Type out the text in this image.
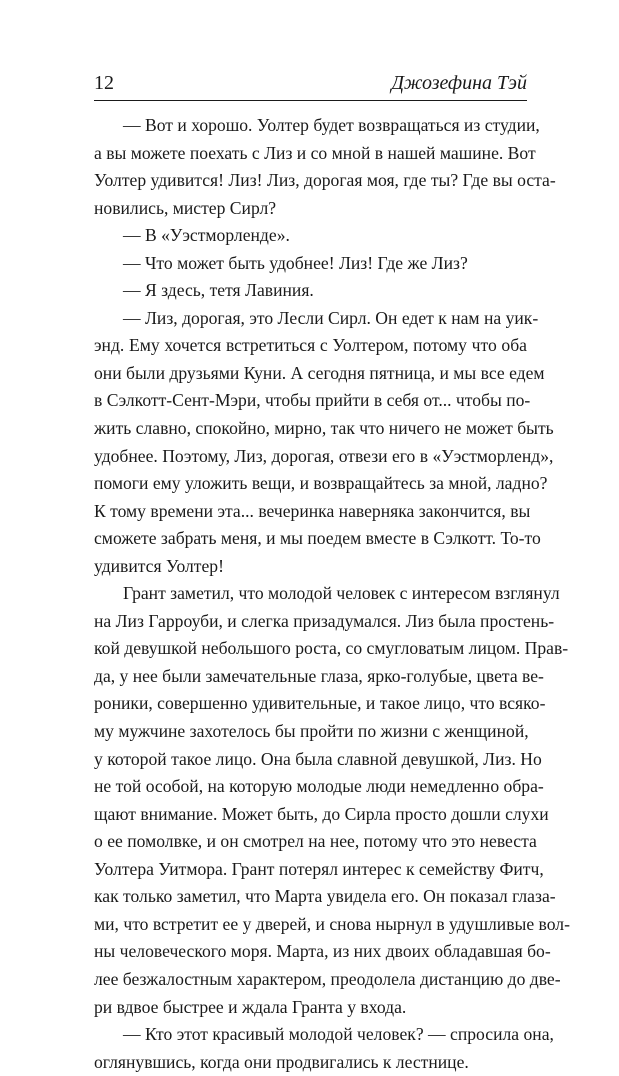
12	Джозефина Тэй
— Вот и хорошо. Уолтер будет возвращаться из студии,
а вы можете поехать с Лиз и со мной в нашей машине. Вот
Уолтер удивится! Лиз! Лиз, дорогая моя, где ты? Где вы оста-
новились, мистер Сирл?
— В «Уэстморленде».
— Что может быть удобнее! Лиз! Где же Лиз?
— Я здесь, тетя Лавиния.
— Лиз, дорогая, это Лесли Сирл. Он едет к нам на уик-
энд. Ему хочется встретиться с Уолтером, потому что оба
они были друзьями Куни. А сегодня пятница, и мы все едем
в Сэлкотт-Сент-Мэри, чтобы прийти в себя от... чтобы по-
жить славно, спокойно, мирно, так что ничего не может быть
удобнее. Поэтому, Лиз, дорогая, отвези его в «Уэстморленд»,
помоги ему уложить вещи, и возвращайтесь за мной, ладно?
К тому времени эта... вечеринка наверняка закончится, вы
сможете забрать меня, и мы поедем вместе в Сэлкотт. То-то
удивится Уолтер!
Грант заметил, что молодой человек с интересом взглянул
на Лиз Гарроуби, и слегка призадумался. Лиз была простень-
кой девушкой небольшого роста, со смугловатым лицом. Прав-
да, у нее были замечательные глаза, ярко-голубые, цвета ве-
роники, совершенно удивительные, и такое лицо, что всяко-
му мужчине захотелось бы пройти по жизни с женщиной,
у которой такое лицо. Она была славной девушкой, Лиз. Но
не той особой, на которую молодые люди немедленно обра-
щают внимание. Может быть, до Сирла просто дошли слухи
о ее помолвке, и он смотрел на нее, потому что это невеста
Уолтера Уитмора. Грант потерял интерес к семейству Фитч,
как только заметил, что Марта увидела его. Он показал глаза-
ми, что встретит ее у дверей, и снова нырнул в удушливые вол-
ны человеческого моря. Марта, из них двоих обладавшая бо-
лее безжалостным характером, преодолела дистанцию до две-
ри вдвое быстрее и ждала Гранта у входа.
— Кто этот красивый молодой человек? — спросила она,
оглянувшись, когда они продвигались к лестнице.
